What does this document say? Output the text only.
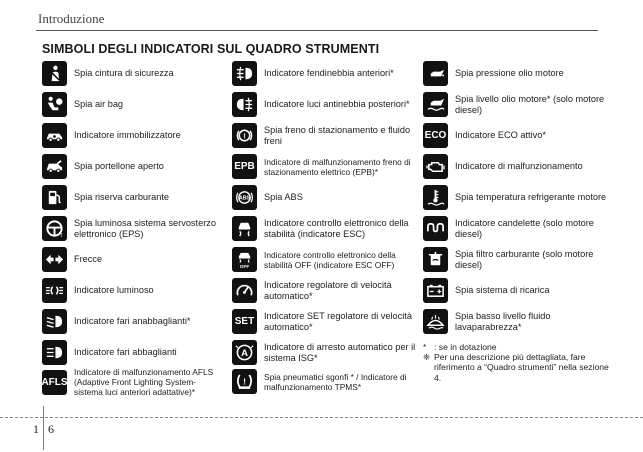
Introduzione
SIMBOLI DEGLI INDICATORI SUL QUADRO STRUMENTI
Spia cintura di sicurezza
Spia air bag
Indicatore immobilizzatore
Spia portellone aperto
Spia riserva carburante
!
Spia luminosa sistema servosterzo elettronico (EPS)
Frecce
Indicatore luminoso
Indicatore fari anabbaglianti*
Indicatore fari abbaglianti
AFLS
Indicatore di malfunzionamento AFLS (Adaptive Front Lighting System-sistema luci anteriori adattative)*
Indicatore fendinebbia anteriori*
Indicatore luci antinebbia posteriori*
!
Spia freno di stazionamento e fluido freni
EPB Indicatore di malfunzionamento freno di stazionamento elettrico (EPB)*
ABS Spia ABS
Indicatore controllo elettronico della stabilità (indicatore ESC)
OFF
Indicatore controllo elettronico della stabilità OFF (indicatore ESC OFF)
Indicatore regolatore di velocità automatico*
SET
Indicatore SET regolatore di velocità automatico*
A
Indicatore di arresto automatico per il sistema ISG*
! Spia pneumatici sgonfi * / Indicatore di malfunzionamento TPMS*
Spia pressione olio motore
Spia livello olio motore* (solo motore diesel)
ECO Indicatore ECO attivo*
Indicatore di malfunzionamento
Spia temperatura refrigerante motore
Indicatore candelette (solo motore diesel)
Spia filtro carburante (solo motore diesel)
Spia sistema di ricarica
Spia basso livello fluido lavaparabrezza*
* : se in dotazione
❈ Per una descrizione più dettagliata, fare riferimento a “Quadro strumenti” nella sezione 4.
1 6
